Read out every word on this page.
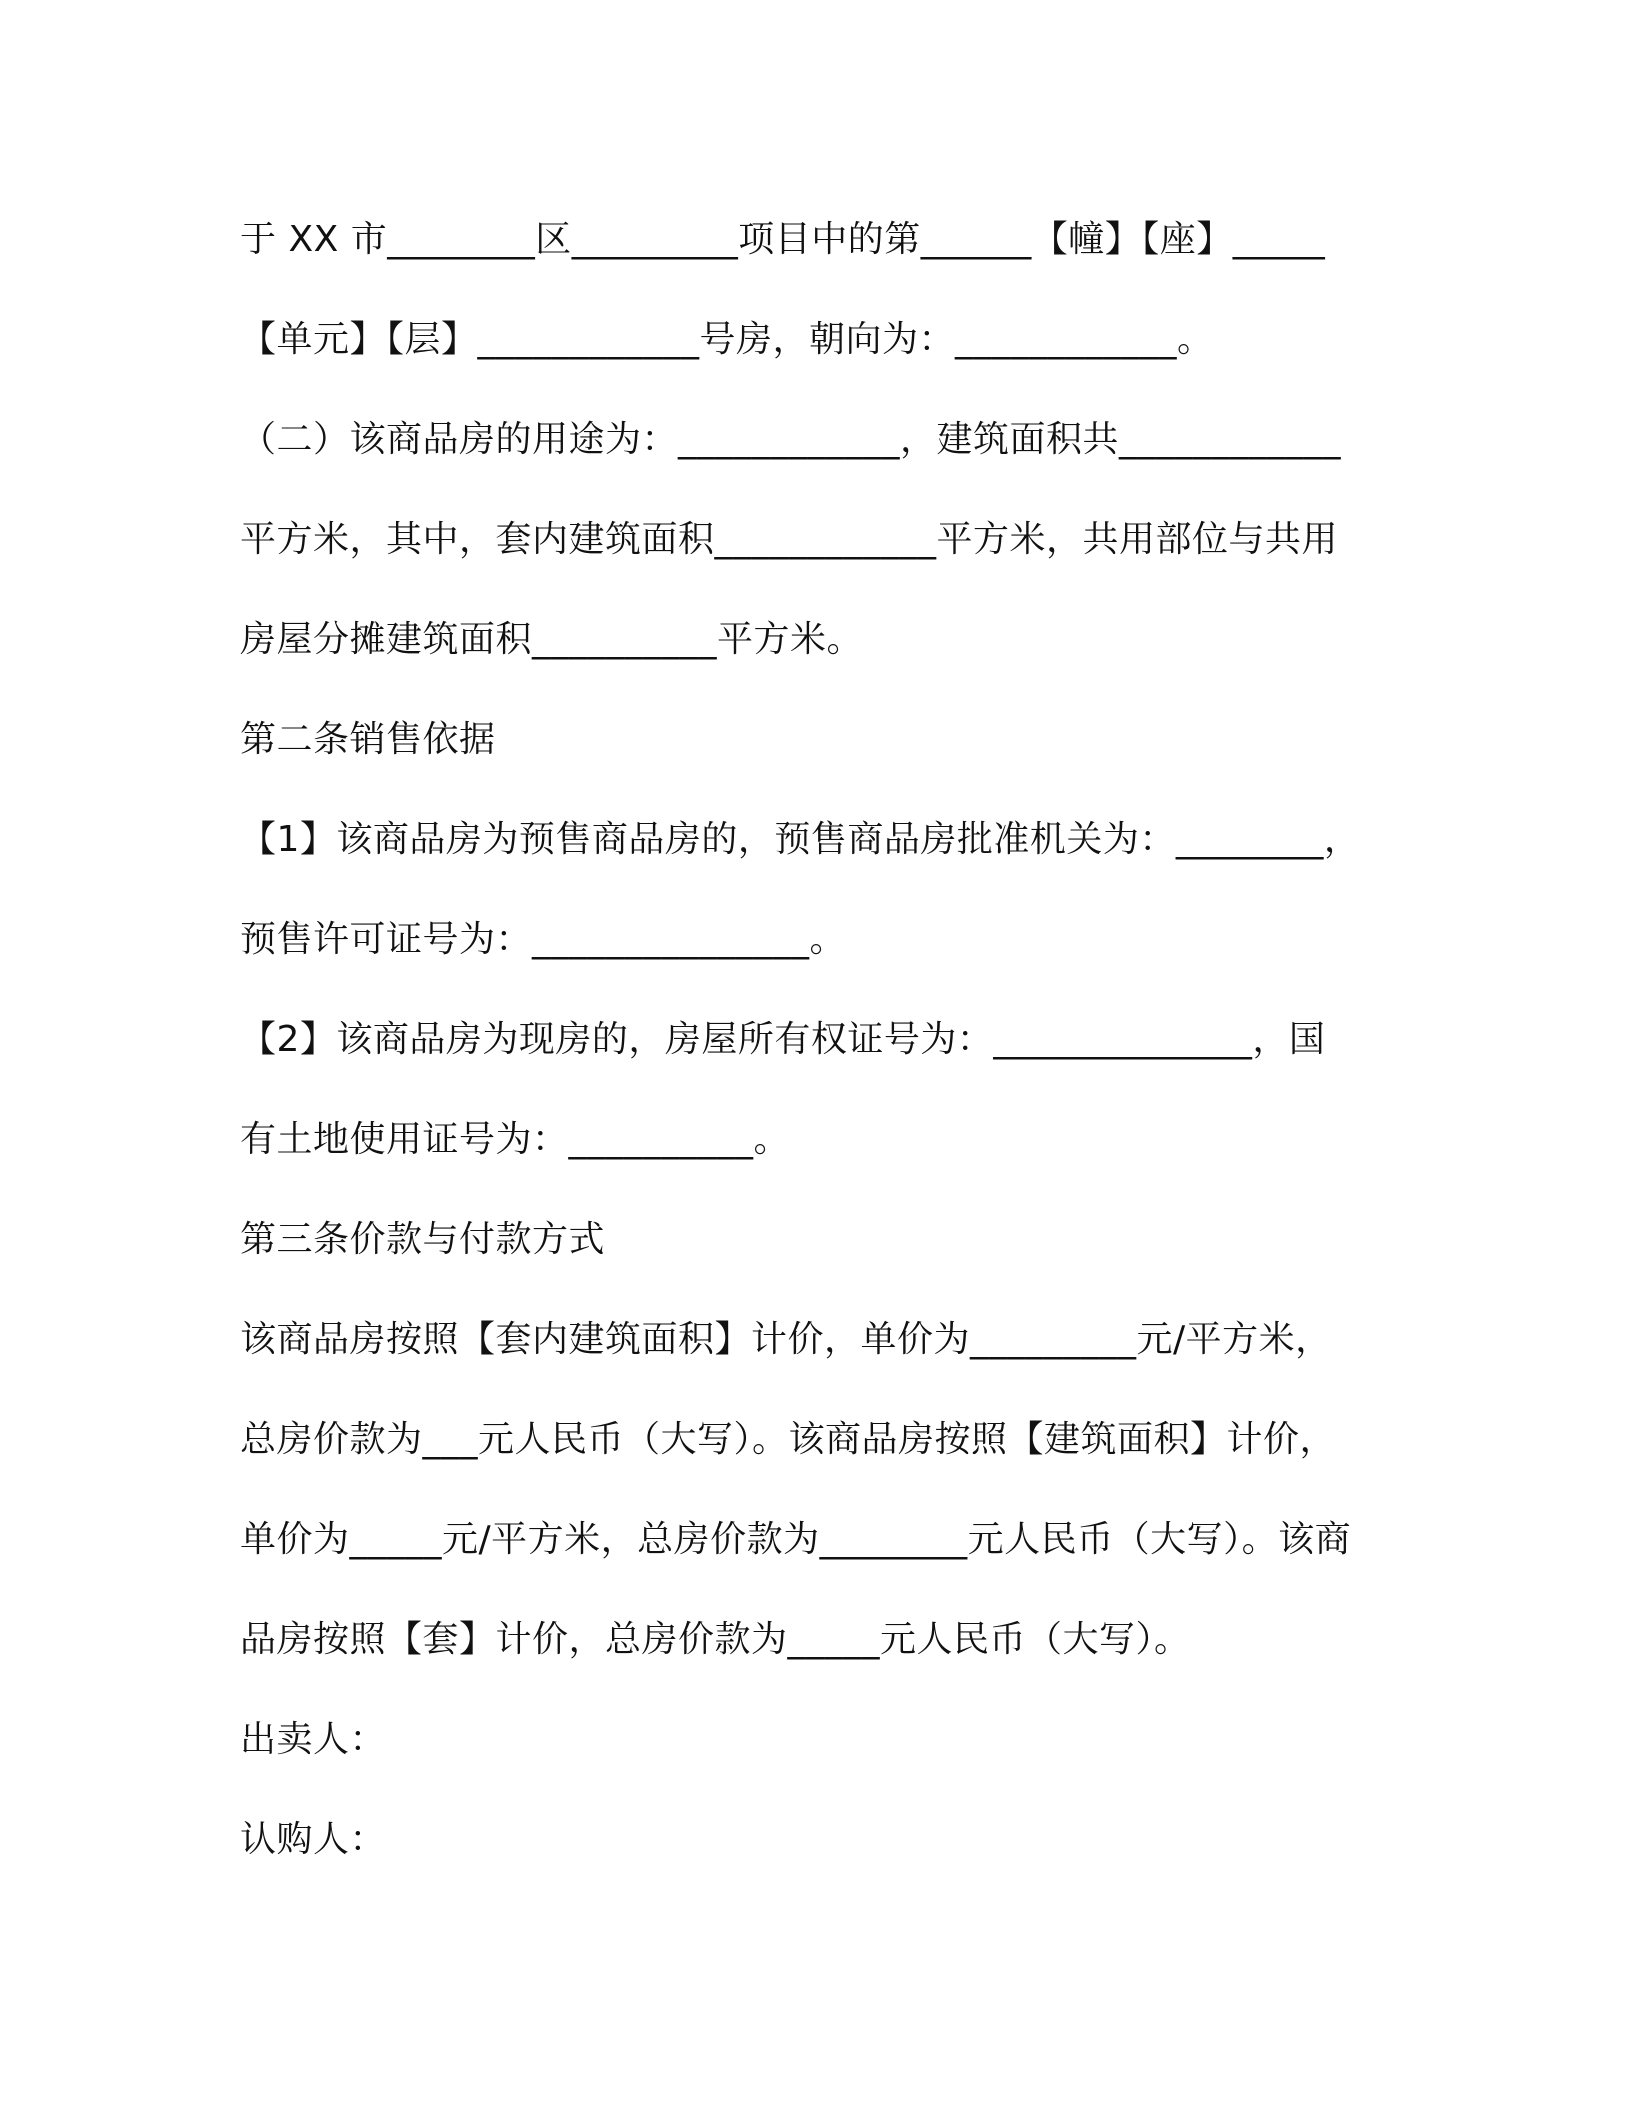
于 XX 市________区_________项目中的第______【幢】【座】_____
【单元】【层】____________号房，朝向为：____________。
（二）该商品房的用途为：____________，建筑面积共____________
平方米，其中，套内建筑面积____________平方米，共用部位与共用
房屋分摊建筑面积__________平方米。
第二条销售依据
【1】该商品房为预售商品房的，预售商品房批准机关为：________，
预售许可证号为：_______________。
【2】该商品房为现房的，房屋所有权证号为：______________，国
有土地使用证号为：__________。
第三条价款与付款方式
该商品房按照【套内建筑面积】计价，单价为_________元/平方米，
总房价款为___元人民币（大写）。该商品房按照【建筑面积】计价，
单价为_____元/平方米，总房价款为________元人民币（大写）。该商
品房按照【套】计价，总房价款为_____元人民币（大写）。
出卖人：
认购人：
